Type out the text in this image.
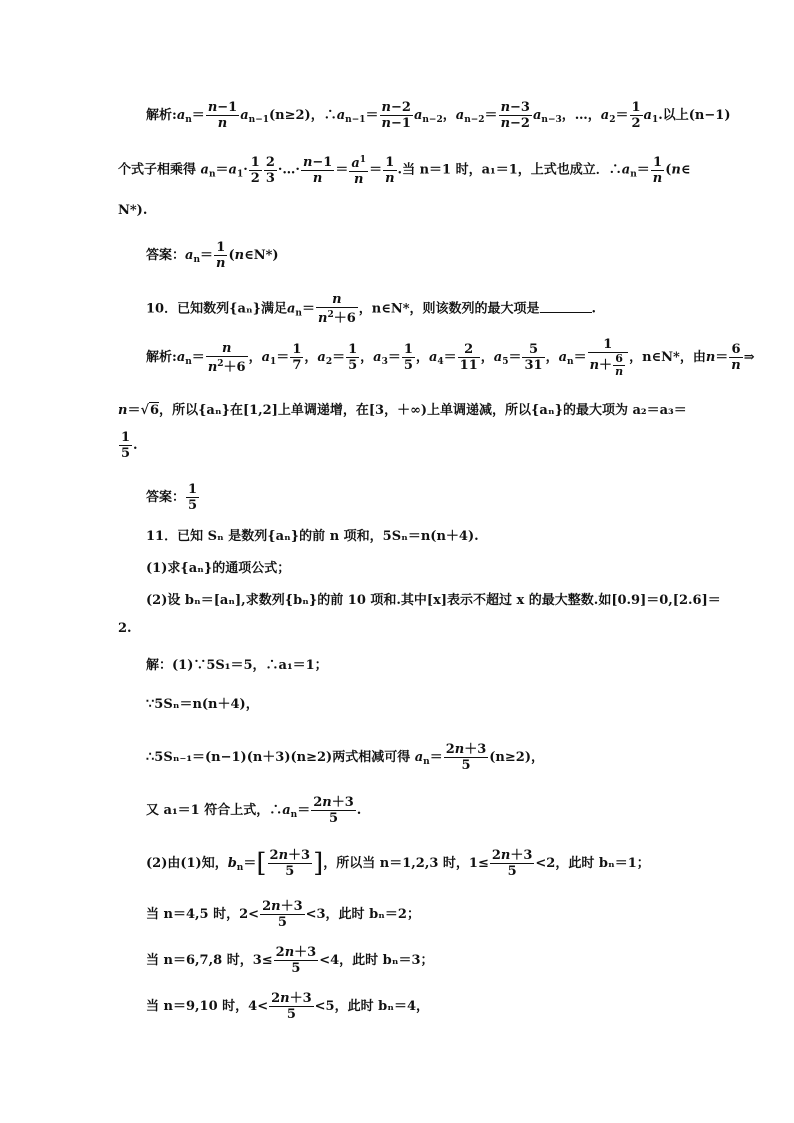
解析$:a_n= \frac{n-1}{n} a_{n-1}(n\ge 2)$，$\therefore a_{n-1}= \frac{n-2}{n-1} a_{n-2}$，$a_{n-2}= \frac{n-3}{n-2} a_{n-3}$，…，$a_2= \frac{1}{2} a_1$.以上(n−1)
个式子相乘得 $a_n=a_1\cdot \frac{1}{2} \frac{2}{3}$ ·…· $\frac{n-1}{n} = \frac{a^1}{n} = \frac{1}{n}$ .当 n＝1 时，a₁＝1，上式也成立．$\therefore a_n= \frac{1}{n}$ (n∈
N*).
答案：$a_n= \frac{1}{n}$ (n∈N*)
10．已知数列{aₙ}满足$a_n= \frac{n}{n^2+6}$ ，n∈N*，则该数列的最大项是	.
解析$:a_n= \frac{n}{n^2+6}$ ，$a_1= \frac{1}{7}$ ，$a_2= \frac{1}{5}$ ，$a_3= \frac{1}{5}$ ，$a_4= \frac{2}{11}$ ，$a_5= \frac{5}{31}$ ，$a_n= \frac{1}{n+ \frac{6}{n}}$ ，n∈N*，由$n= \frac{6}{n}$ ⇒
n＝√6，所以{aₙ}在[1,2]上单调递增，在[3，＋∞)上单调递减，所以{aₙ}的最大项为 a₂＝a₃＝
$\frac{1}{5}$ .
答案： $\frac{1}{5}$
11．已知 Sₙ 是数列{aₙ}的前 n 项和，5Sₙ＝n(n＋4).
(1)求{aₙ}的通项公式；
(2)设 bₙ＝[aₙ],求数列{bₙ}的前 10 项和.其中[x]表示不超过 x 的最大整数.如[0.9]＝0,[2.6]＝
2.
解：(1)∵5S₁＝5，∴a₁＝1；
∵5Sₙ＝n(n＋4)，
∴5Sₙ₋₁＝(n−1)(n＋3)(n≥2)两式相减可得 $a_n= \frac{2n+3}{5} (n\ge 2)$，
又 a₁＝1 符合上式，$\therefore a_n= \frac{2n+3}{5}$ .
(2)由(1)知，$b_n=[ \frac{2n+3}{5}$ ]，所以当 n＝1,2,3 时，$1\le \frac{2n+3}{5} <2$，此时 bₙ＝1；
当 n＝4,5 时，$2< \frac{2n+3}{5} <3$，此时 bₙ＝2；
当 n＝6,7,8 时，$3\le \frac{2n+3}{5} <4$，此时 bₙ＝3；
当 n＝9,10 时，$4< \frac{2n+3}{5} <5$，此时 bₙ＝4，
